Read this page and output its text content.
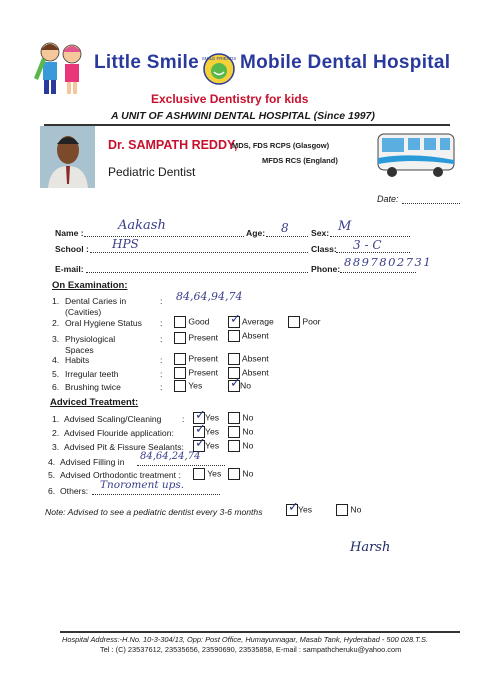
Little Smile SMILE FRIENDS Mobile Dental Hospital
Exclusive Dentistry for kids
A UNIT OF ASHWINI DENTAL HOSPITAL (Since 1997)
Dr. SAMPATH REDDY,
MDS, FDS RCPS (Glasgow)
MFDS RCS (England)
Pediatric Dentist
Date:
Name :	Aakash	Age: 8	Sex: M
School : HPS	Class: 3 - C
E-mail:	Phone: 8897802731
On Examination:
1. Dental Caries in
(Cavities)
: 84,64,94,74
2. Oral Hygiene Status :	Good ✓ Average	Poor
3. Physiological
Spaces
:	Present	Absent
4. Habits	:	Present	Absent
5. Irregular teeth	:	Present	Absent
6. Brushing twice	:	Yes ✓ No
Adviced Treatment:
1. Advised Scaling/Cleaning : ✓ Yes	No
2. Advised Flouride application: ✓ Yes	No
3. Advised Pit & Fissure Sealants: ✓ Yes	No
4. Advised Filling in 84,64,24,74
5. Advised Orthodontic treatment :	Yes	No
6. Others: Tnoroment ups.
Note: Advised to see a pediatric dentist every 3-6 months ✓ Yes	No
Harsh
Hospital Address:-H.No. 10-3-304/13, Opp: Post Office, Humayunnagar, Masab Tank, Hyderabad - 500 028.T.S.
Tel : (C) 23537612, 23535656, 23590690, 23535858, E-mail : sampathcheruku@yahoo.com
